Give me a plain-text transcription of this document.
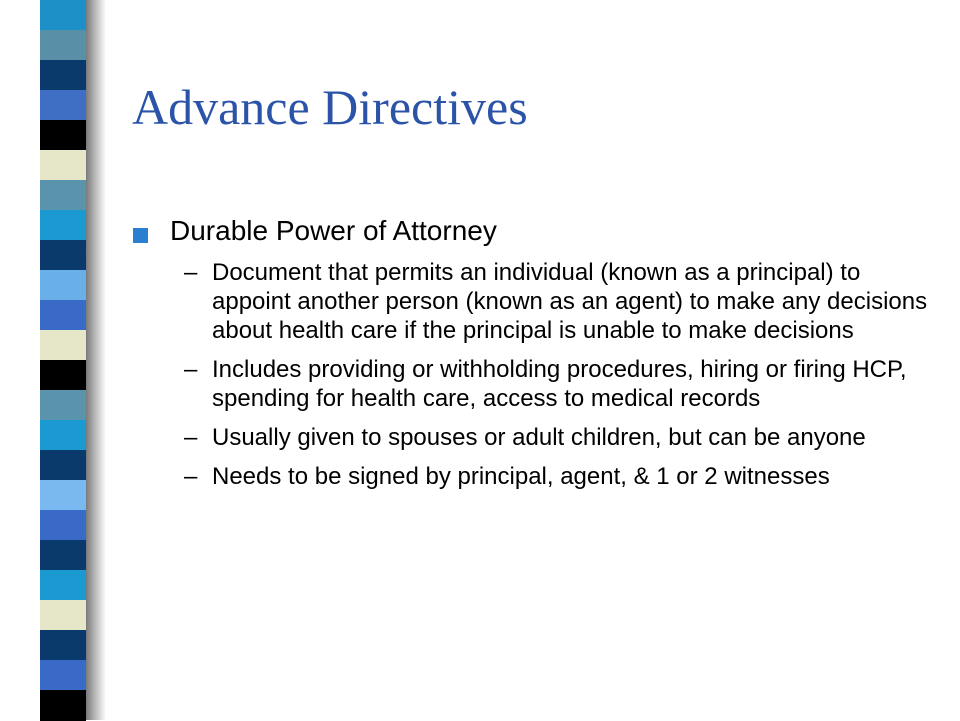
Advance Directives
Durable Power of Attorney
– Document that permits an individual (known as a principal) to appoint another person (known as an agent) to make any decisions about health care if the principal is unable to make decisions
– Includes providing or withholding procedures, hiring or firing HCP, spending for health care, access to medical records
– Usually given to spouses or adult children, but can be anyone
– Needs to be signed by principal, agent, & 1 or 2 witnesses
